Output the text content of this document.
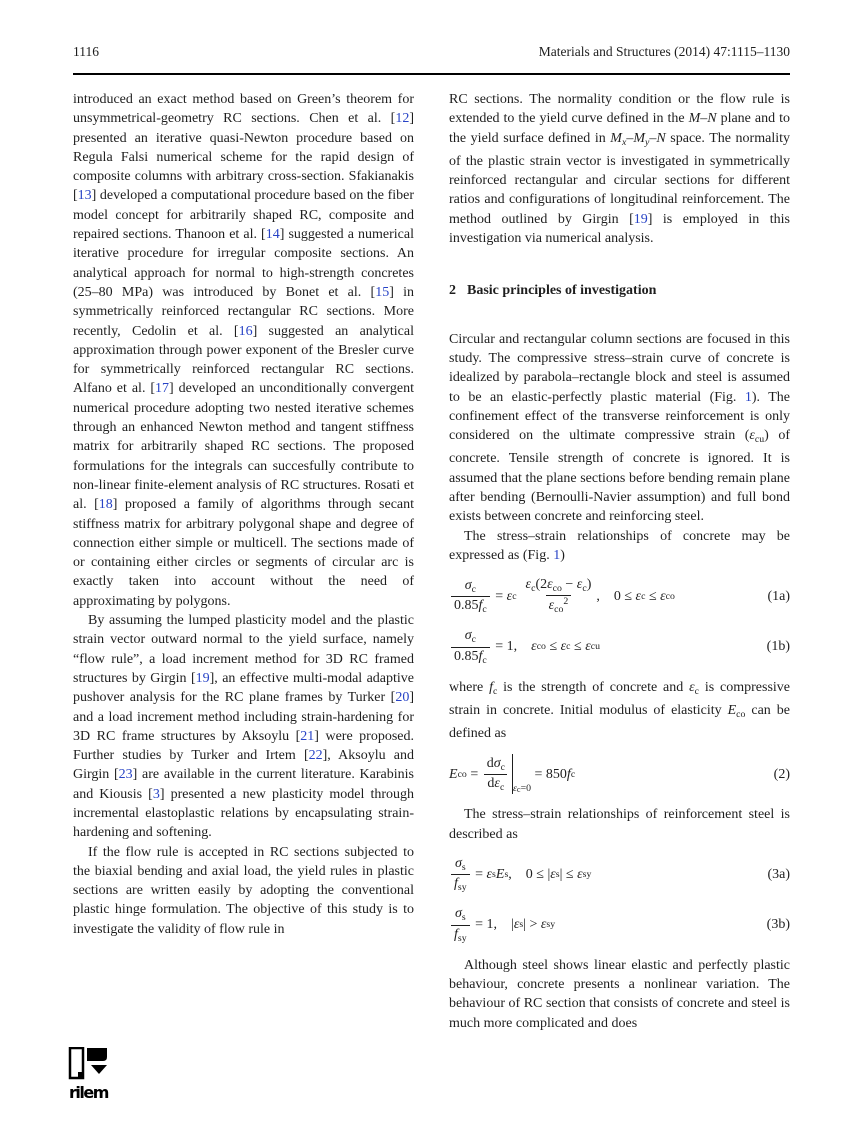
1116	Materials and Structures (2014) 47:1115–1130

introduced an exact method based on Green’s theorem for unsymmetrical-geometry RC sections. Chen et al. [12] presented an iterative quasi-Newton procedure based on Regula Falsi numerical scheme for the rapid design of composite columns with arbitrary cross-section. Sfakianakis [13] developed a computational procedure based on the fiber model concept for arbitrarily shaped RC, composite and repaired sections. Thanoon et al. [14] suggested a numerical iterative procedure for irregular composite sections. An analytical approach for normal to high-strength concretes (25–80 MPa) was introduced by Bonet et al. [15] in symmetrically reinforced rectangular RC sections. More recently, Cedolin et al. [16] suggested an analytical approximation through power exponent of the Bresler curve for symmetrically reinforced rectangular RC sections. Alfano et al. [17] developed an unconditionally convergent numerical procedure adopting two nested iterative schemes through an enhanced Newton method and tangent stiffness matrix for arbitrarily shaped RC sections. The proposed formulations for the integrals can succesfully contribute to non-linear finite-element analysis of RC structures. Rosati et al. [18] proposed a family of algorithms through secant stiffness matrix for arbitrary polygonal shape and degree of connection either simple or multicell. The sections made of or containing either circles or segments of circular arc is exactly taken into account without the need of approximating by polygons.

By assuming the lumped plasticity model and the plastic strain vector outward normal to the yield surface, namely “flow rule”, a load increment method for 3D RC framed structures by Girgin [19], an effective multi-modal adaptive pushover analysis for the RC plane frames by Turker [20] and a load increment method including strain-hardening for 3D RC frame structures by Aksoylu [21] were proposed. Further studies by Turker and Irtem [22], Aksoylu and Girgin [23] are available in the current literature. Karabinis and Kiousis [3] presented a new plasticity model through incremental elastoplastic relations by encapsulating strain-hardening and softening.

If the flow rule is accepted in RC sections subjected to the biaxial bending and axial load, the yield rules in plastic sections are written easily by adopting the conventional plastic hinge formulation. The objective of this study is to investigate the validity of flow rule in

RC sections. The normality condition or the flow rule is extended to the yield curve defined in the M–N plane and to the yield surface defined in $M_x-M_y-N$ space. The normality of the plastic strain vector is investigated in symmetrically reinforced rectangular and circular sections for different ratios and configurations of longitudinal reinforcement. The method outlined by Girgin [19] is employed in this investigation via numerical analysis.

2 Basic principles of investigation

Circular and rectangular column sections are focused in this study. The compressive stress–strain curve of concrete is idealized by parabola–rectangle block and steel is assumed to be an elastic-perfectly plastic material (Fig. 1). The confinement effect of the transverse reinforcement is only considered on the ultimate compressive strain $(\varepsilon_{cu})$ of concrete. Tensile strength of concrete is ignored. It is assumed that the plane sections before bending remain plane after bending (Bernoulli-Navier assumption) and full bond exists between concrete and reinforcing steel.

The stress–strain relationships of concrete may be expressed as (Fig. 1)

$\frac{\sigma_c}{0.85f_c} = \varepsilon$ c $\frac{\varepsilon_c(2\varepsilon_{co} - \varepsilon_c)}{\varepsilon_{co}^2}$ , 0 ≤ ε c ≤ ε co	(1a)
$\frac{\sigma_c}{0.85f_c} = 1$, ε co ≤ ε c ≤ ε cu	(1b)

where $f_c$ is the strength of concrete and $\varepsilon_c$ is compressive strain in concrete. Initial modulus of elasticity $E_{co}$ can be defined as

E co = $\frac{d\sigma_c}{d\varepsilon_c} _{\varepsilon c=0}$
= 850 f c	(2)

The stress–strain relationships of reinforcement steel is described as

$\frac{\sigma_s}{f_{sy}} = \varepsilon$ s E s , 0 ≤ | ε s | ≤ ε sy	(3a)
$\frac{\sigma_s}{f_{sy}} = 1$, | ε s | > ε sy	(3b)

Although steel shows linear elastic and perfectly plastic behaviour, concrete presents a nonlinear variation. The behaviour of RC section that consists of concrete and steel is much more complicated and does

rilem
